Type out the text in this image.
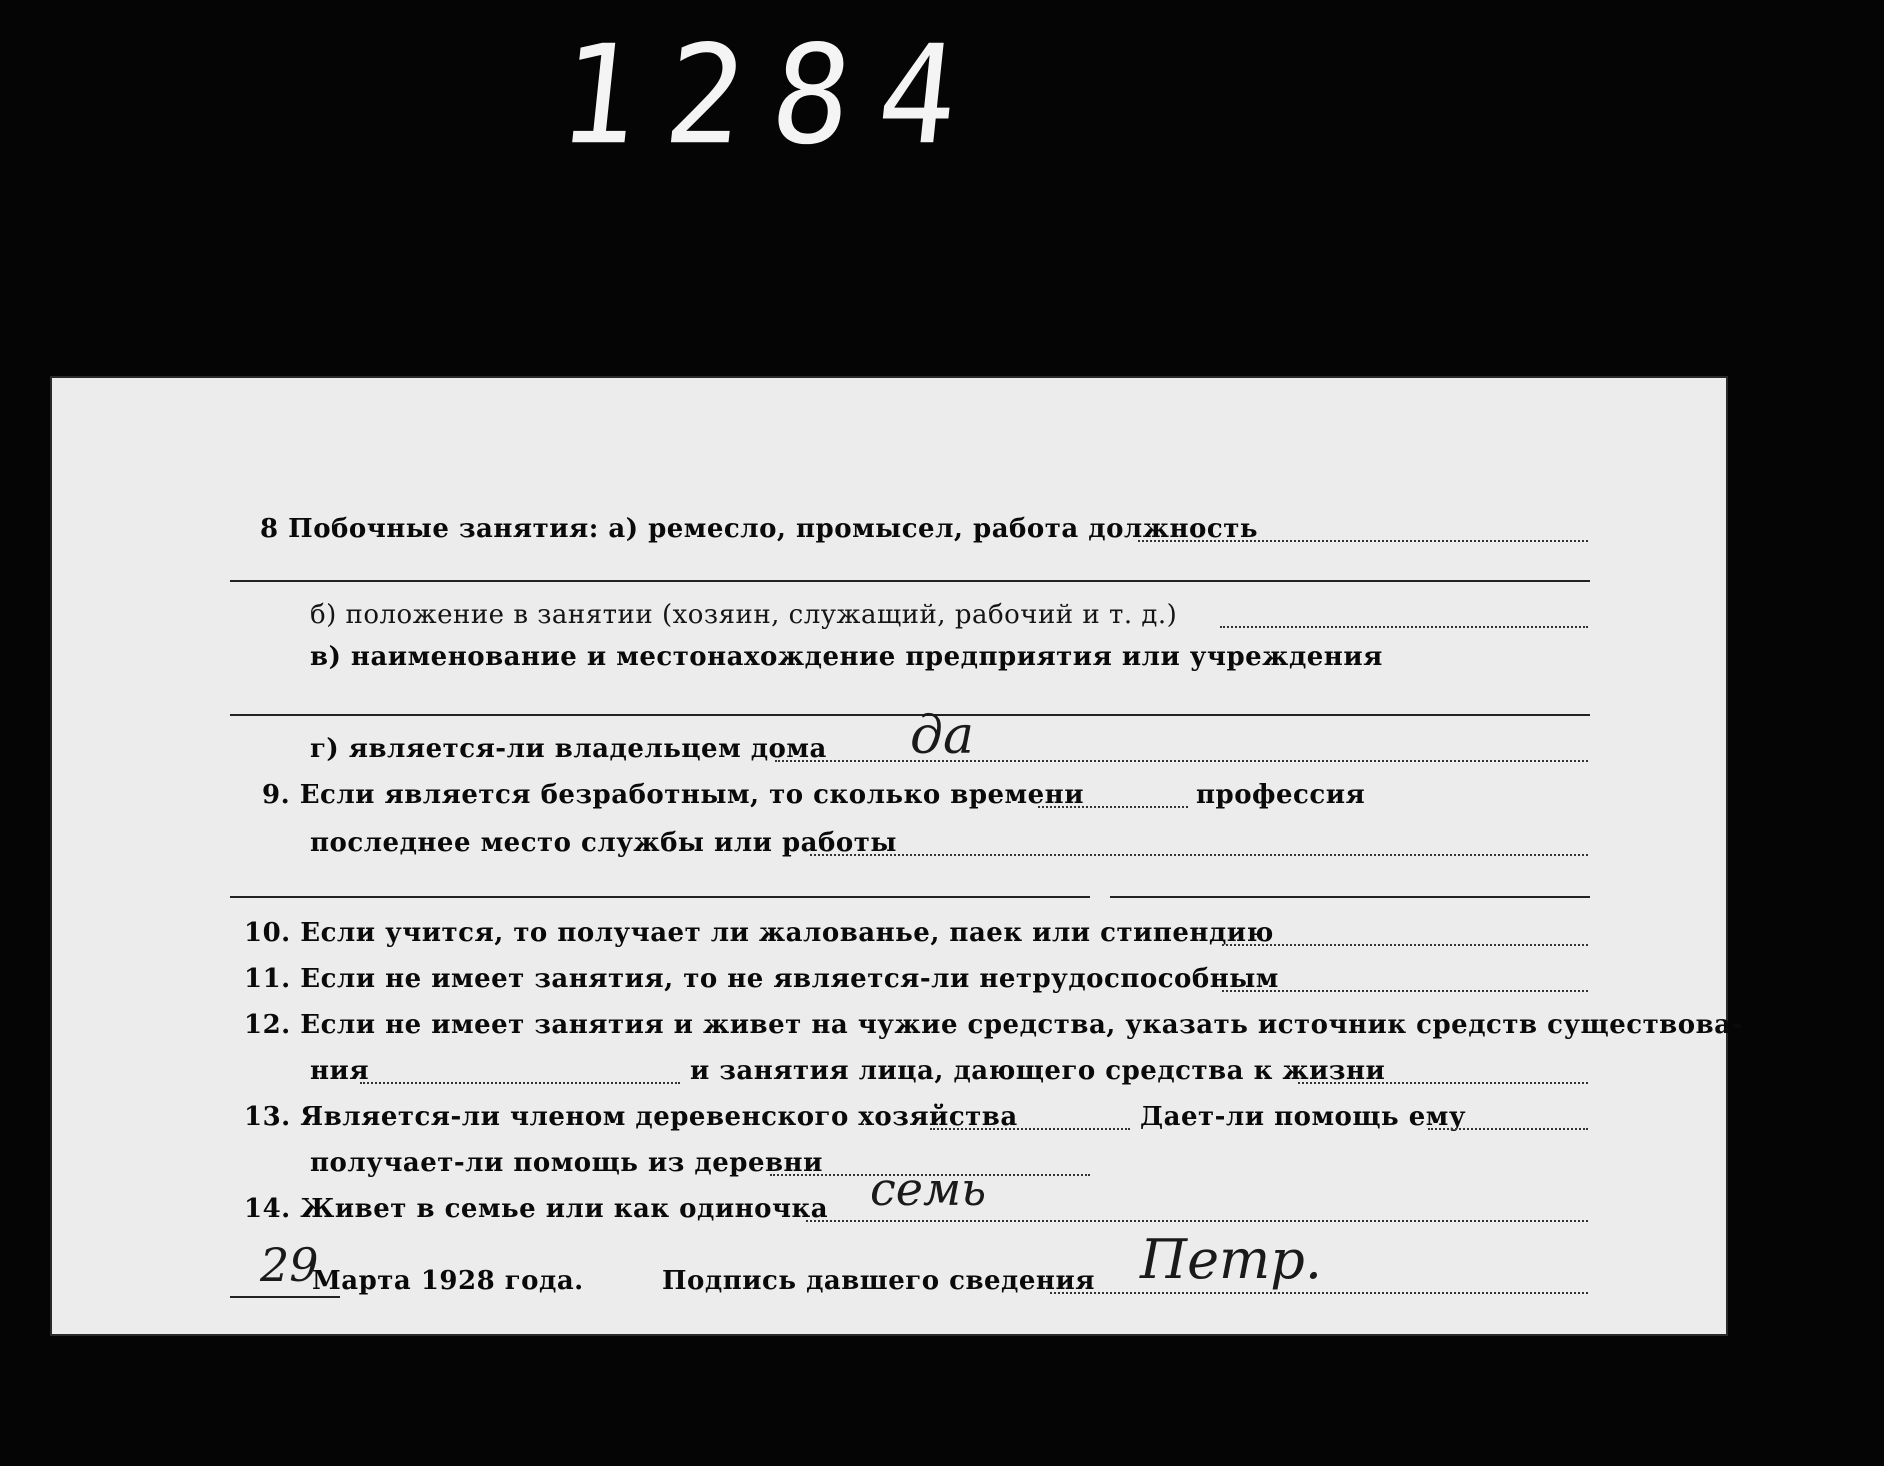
1284
8 Побочные занятия: а) ремесло, промысел, работа должность
б) положение в занятии (хозяин, служащий, рабочий и т. д.)
в) наименование и местонахождение предприятия или учреждения
г) является-ли владельцем дома да
9. Если является безработным, то сколько времени	профессия
последнее место службы или работы
10. Если учится, то получает ли жалованье, паек или стипендию
11. Если не имеет занятия, то не является-ли нетрудоспособным
12. Если не имеет занятия и живет на чужие средства, указать источник средств существова-
ния	и занятия лица, дающего средства к жизни
13. Является-ли членом деревенского хозяйства	Дает-ли помощь ему
получает-ли помощь из деревни
14. Живет в семье или как одиночка семь
29
Марта 1928 года.	Подпись давшего сведения Петр.
